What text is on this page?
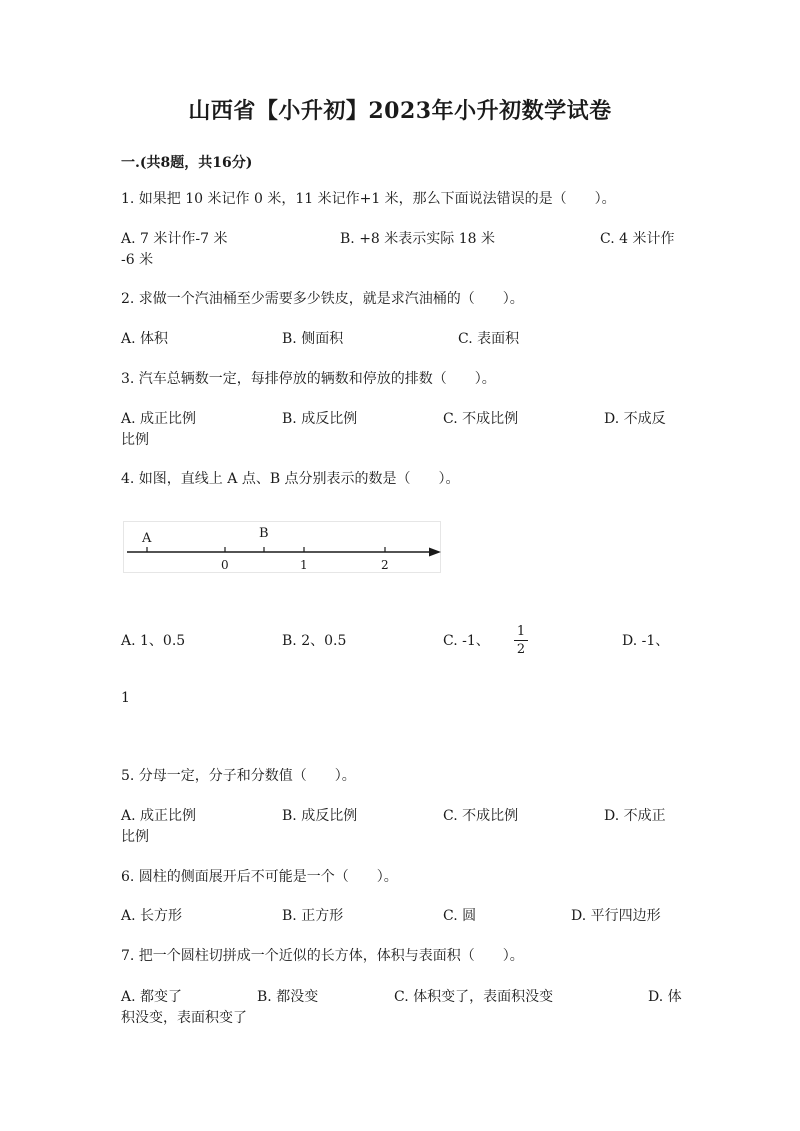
山西省【小升初】2023年小升初数学试卷
一.(共8题，共16分)
1. 如果把 10 米记作 0 米，11 米记作+1 米，那么下面说法错误的是（　　）。
A. 7 米计作-7 米	B. +8 米表示实际 18 米	C. 4 米计作
-6 米
2. 求做一个汽油桶至少需要多少铁皮，就是求汽油桶的（　　）。
A. 体积	B. 侧面积	C. 表面积
3. 汽车总辆数一定，每排停放的辆数和停放的排数（　　）。
A. 成正比例	B. 成反比例	C. 不成比例	D. 不成反
比例
4. 如图，直线上 A 点、B 点分别表示的数是（　　）。
A	B
0	1	2
A. 1、0.5	B. 2、0.5	C. -1、
1
2
D. -1、
1
5. 分母一定，分子和分数值（　　）。
A. 成正比例	B. 成反比例	C. 不成比例	D. 不成正
比例
6. 圆柱的侧面展开后不可能是一个（　　）。
A. 长方形	B. 正方形	C. 圆	D. 平行四边形
7. 把一个圆柱切拼成一个近似的长方体，体积与表面积（　　）。
A. 都变了	B. 都没变	C. 体积变了，表面积没变	D. 体
积没变，表面积变了
